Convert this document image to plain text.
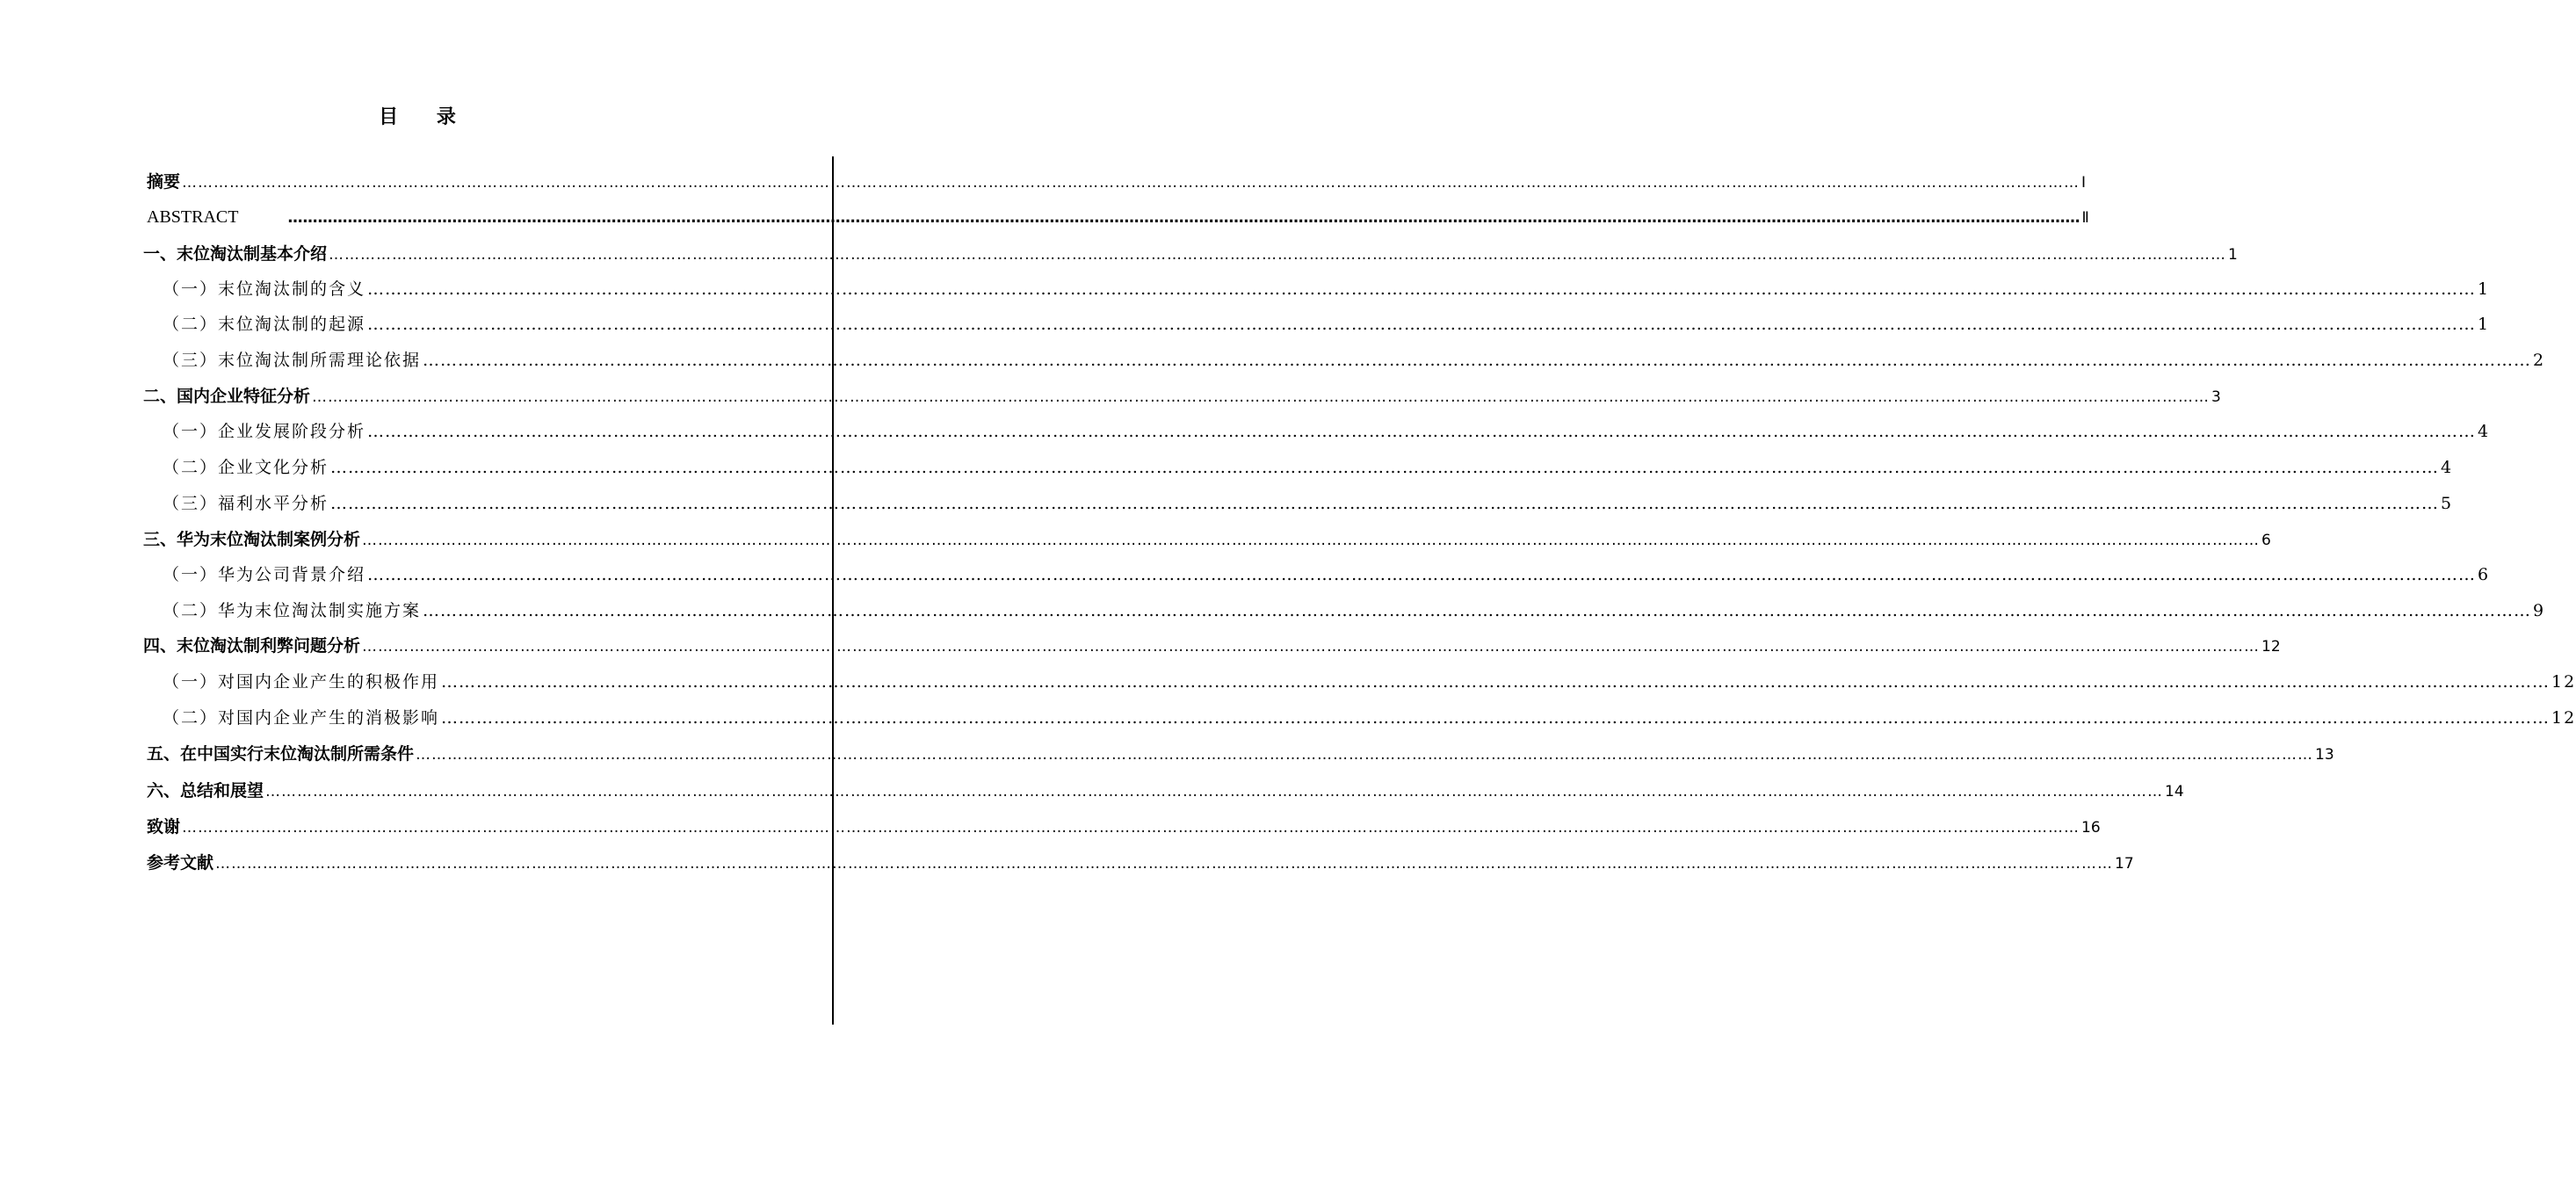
目 录
摘要 ……………………………………………………………………………………………………………………………………………………………………………………………………………………………………………………………………………………………………………………………… Ⅰ
ABSTRACT	……………………………………………………………………………………………………………………………………………………………………………………………………………………………………………………………………………………………………………………………… Ⅱ
一、末位淘汰制基本介绍 ……………………………………………………………………………………………………………………………………………………………………………………………………………………………………………………………………………………………………………………………… 1
（一）末位淘汰制的含义 ……………………………………………………………………………………………………………………………………………………………………………………………………………………………………………………………………………………………………………………………… 1
（二）末位淘汰制的起源 ……………………………………………………………………………………………………………………………………………………………………………………………………………………………………………………………………………………………………………………………… 1
（三）末位淘汰制所需理论依据 ……………………………………………………………………………………………………………………………………………………………………………………………………………………………………………………………………………………………………………………………… 2
二、国内企业特征分析 ……………………………………………………………………………………………………………………………………………………………………………………………………………………………………………………………………………………………………………………………… 3
（一）企业发展阶段分析 ……………………………………………………………………………………………………………………………………………………………………………………………………………………………………………………………………………………………………………………………… 4
（二）企业文化分析 ……………………………………………………………………………………………………………………………………………………………………………………………………………………………………………………………………………………………………………………………… 4
（三）福利水平分析 ……………………………………………………………………………………………………………………………………………………………………………………………………………………………………………………………………………………………………………………………… 5
三、华为末位淘汰制案例分析 ……………………………………………………………………………………………………………………………………………………………………………………………………………………………………………………………………………………………………………………………… 6
（一）华为公司背景介绍 ……………………………………………………………………………………………………………………………………………………………………………………………………………………………………………………………………………………………………………………………… 6
（二）华为末位淘汰制实施方案 ……………………………………………………………………………………………………………………………………………………………………………………………………………………………………………………………………………………………………………………………… 9
四、末位淘汰制利弊问题分析 ……………………………………………………………………………………………………………………………………………………………………………………………………………………………………………………………………………………………………………………………… 12
（一）对国内企业产生的积极作用 ……………………………………………………………………………………………………………………………………………………………………………………………………………………………………………………………………………………………………………………………… 12
（二）对国内企业产生的消极影响 ……………………………………………………………………………………………………………………………………………………………………………………………………………………………………………………………………………………………………………………………… 12
五、在中国实行末位淘汰制所需条件 ……………………………………………………………………………………………………………………………………………………………………………………………………………………………………………………………………………………………………………………………… 13
六、总结和展望 ……………………………………………………………………………………………………………………………………………………………………………………………………………………………………………………………………………………………………………………………… 14
致谢 ……………………………………………………………………………………………………………………………………………………………………………………………………………………………………………………………………………………………………………………………… 16
参考文献 ……………………………………………………………………………………………………………………………………………………………………………………………………………………………………………………………………………………………………………………………… 17
